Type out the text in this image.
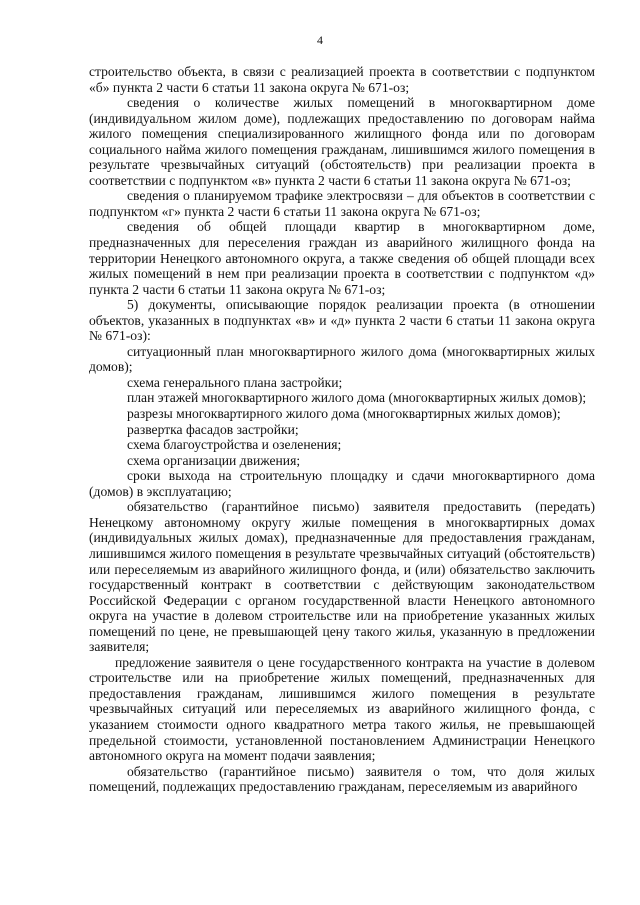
4

строительство объекта, в связи с реализацией проекта в соответствии с подпунктом «б» пункта 2 части 6 статьи 11 закона округа № 671-оз;

сведения о количестве жилых помещений в многоквартирном доме (индивидуальном жилом доме), подлежащих предоставлению по договорам найма жилого помещения специализированного жилищного фонда или по договорам социального найма жилого помещения гражданам, лишившимся жилого помещения в результате чрезвычайных ситуаций (обстоятельств) при реализации проекта в соответствии с подпунктом «в» пункта 2 части 6 статьи 11 закона округа № 671-оз;

сведения о планируемом трафике электросвязи – для объектов в соответствии с подпунктом «г» пункта 2 части 6 статьи 11 закона округа № 671-оз;

сведения об общей площади квартир в многоквартирном доме, предназначенных для переселения граждан из аварийного жилищного фонда на территории Ненецкого автономного округа, а также сведения об общей площади всех жилых помещений в нем при реализации проекта в соответствии с подпунктом «д» пункта 2 части 6 статьи 11 закона округа № 671-оз;

5) документы, описывающие порядок реализации проекта (в отношении объектов, указанных в подпунктах «в» и «д» пункта 2 части 6 статьи 11 закона округа № 671-оз):

ситуационный план многоквартирного жилого дома (многоквартирных жилых домов);

схема генерального плана застройки;

план этажей многоквартирного жилого дома (многоквартирных жилых домов);

разрезы многоквартирного жилого дома (многоквартирных жилых домов);

развертка фасадов застройки;

схема благоустройства и озеленения;

схема организации движения;

сроки выхода на строительную площадку и сдачи многоквартирного дома (домов) в эксплуатацию;

обязательство (гарантийное письмо) заявителя предоставить (передать) Ненецкому автономному округу жилые помещения в многоквартирных домах (индивидуальных жилых домах), предназначенные для предоставления гражданам, лишившимся жилого помещения в результате чрезвычайных ситуаций (обстоятельств) или переселяемым из аварийного жилищного фонда, и (или) обязательство заключить государственный контракт в соответствии с действующим законодательством Российской Федерации с органом государственной власти Ненецкого автономного округа на участие в долевом строительстве или на приобретение указанных жилых помещений по цене, не превышающей цену такого жилья, указанную в предложении заявителя;

предложение заявителя о цене государственного контракта на участие в долевом строительстве или на приобретение жилых помещений, предназначенных для предоставления гражданам, лишившимся жилого помещения в результате чрезвычайных ситуаций или переселяемых из аварийного жилищного фонда, с указанием стоимости одного квадратного метра такого жилья, не превышающей предельной стоимости, установленной постановлением Администрации Ненецкого автономного округа на момент подачи заявления;

обязательство (гарантийное письмо) заявителя о том, что доля жилых помещений, подлежащих предоставлению гражданам, переселяемым из аварийного
